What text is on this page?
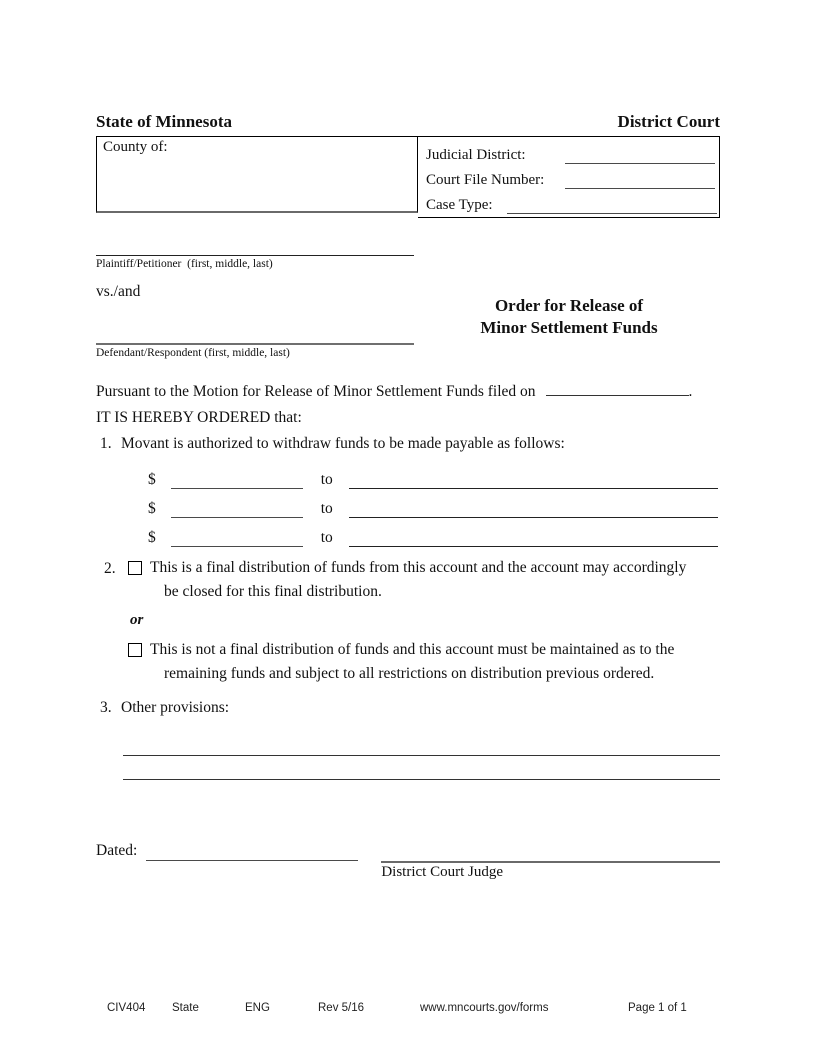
State of Minnesota	District Court
County of:	Judicial District:
Court File Number:
Case Type:
Plaintiff/Petitioner  (first, middle, last)
vs./and
Defendant/Respondent (first, middle, last)
Order for Release of
Minor Settlement Funds
Pursuant to the Motion for Release of Minor Settlement Funds filed on	.
IT IS HEREBY ORDERED that:
1. Movant is authorized to withdraw funds to be made payable as follows:
$	to
$	to
$	to
2.	This is a final distribution of funds from this account and the account may accordingly
be closed for this final distribution.
or
This is not a final distribution of funds and this account must be maintained as to the
remaining funds and subject to all restrictions on distribution previous ordered.
3. Other provisions:
Dated:
District Court Judge
CIV404 State	ENG	Rev 5/16	www.mncourts.gov/forms	Page 1 of 1
